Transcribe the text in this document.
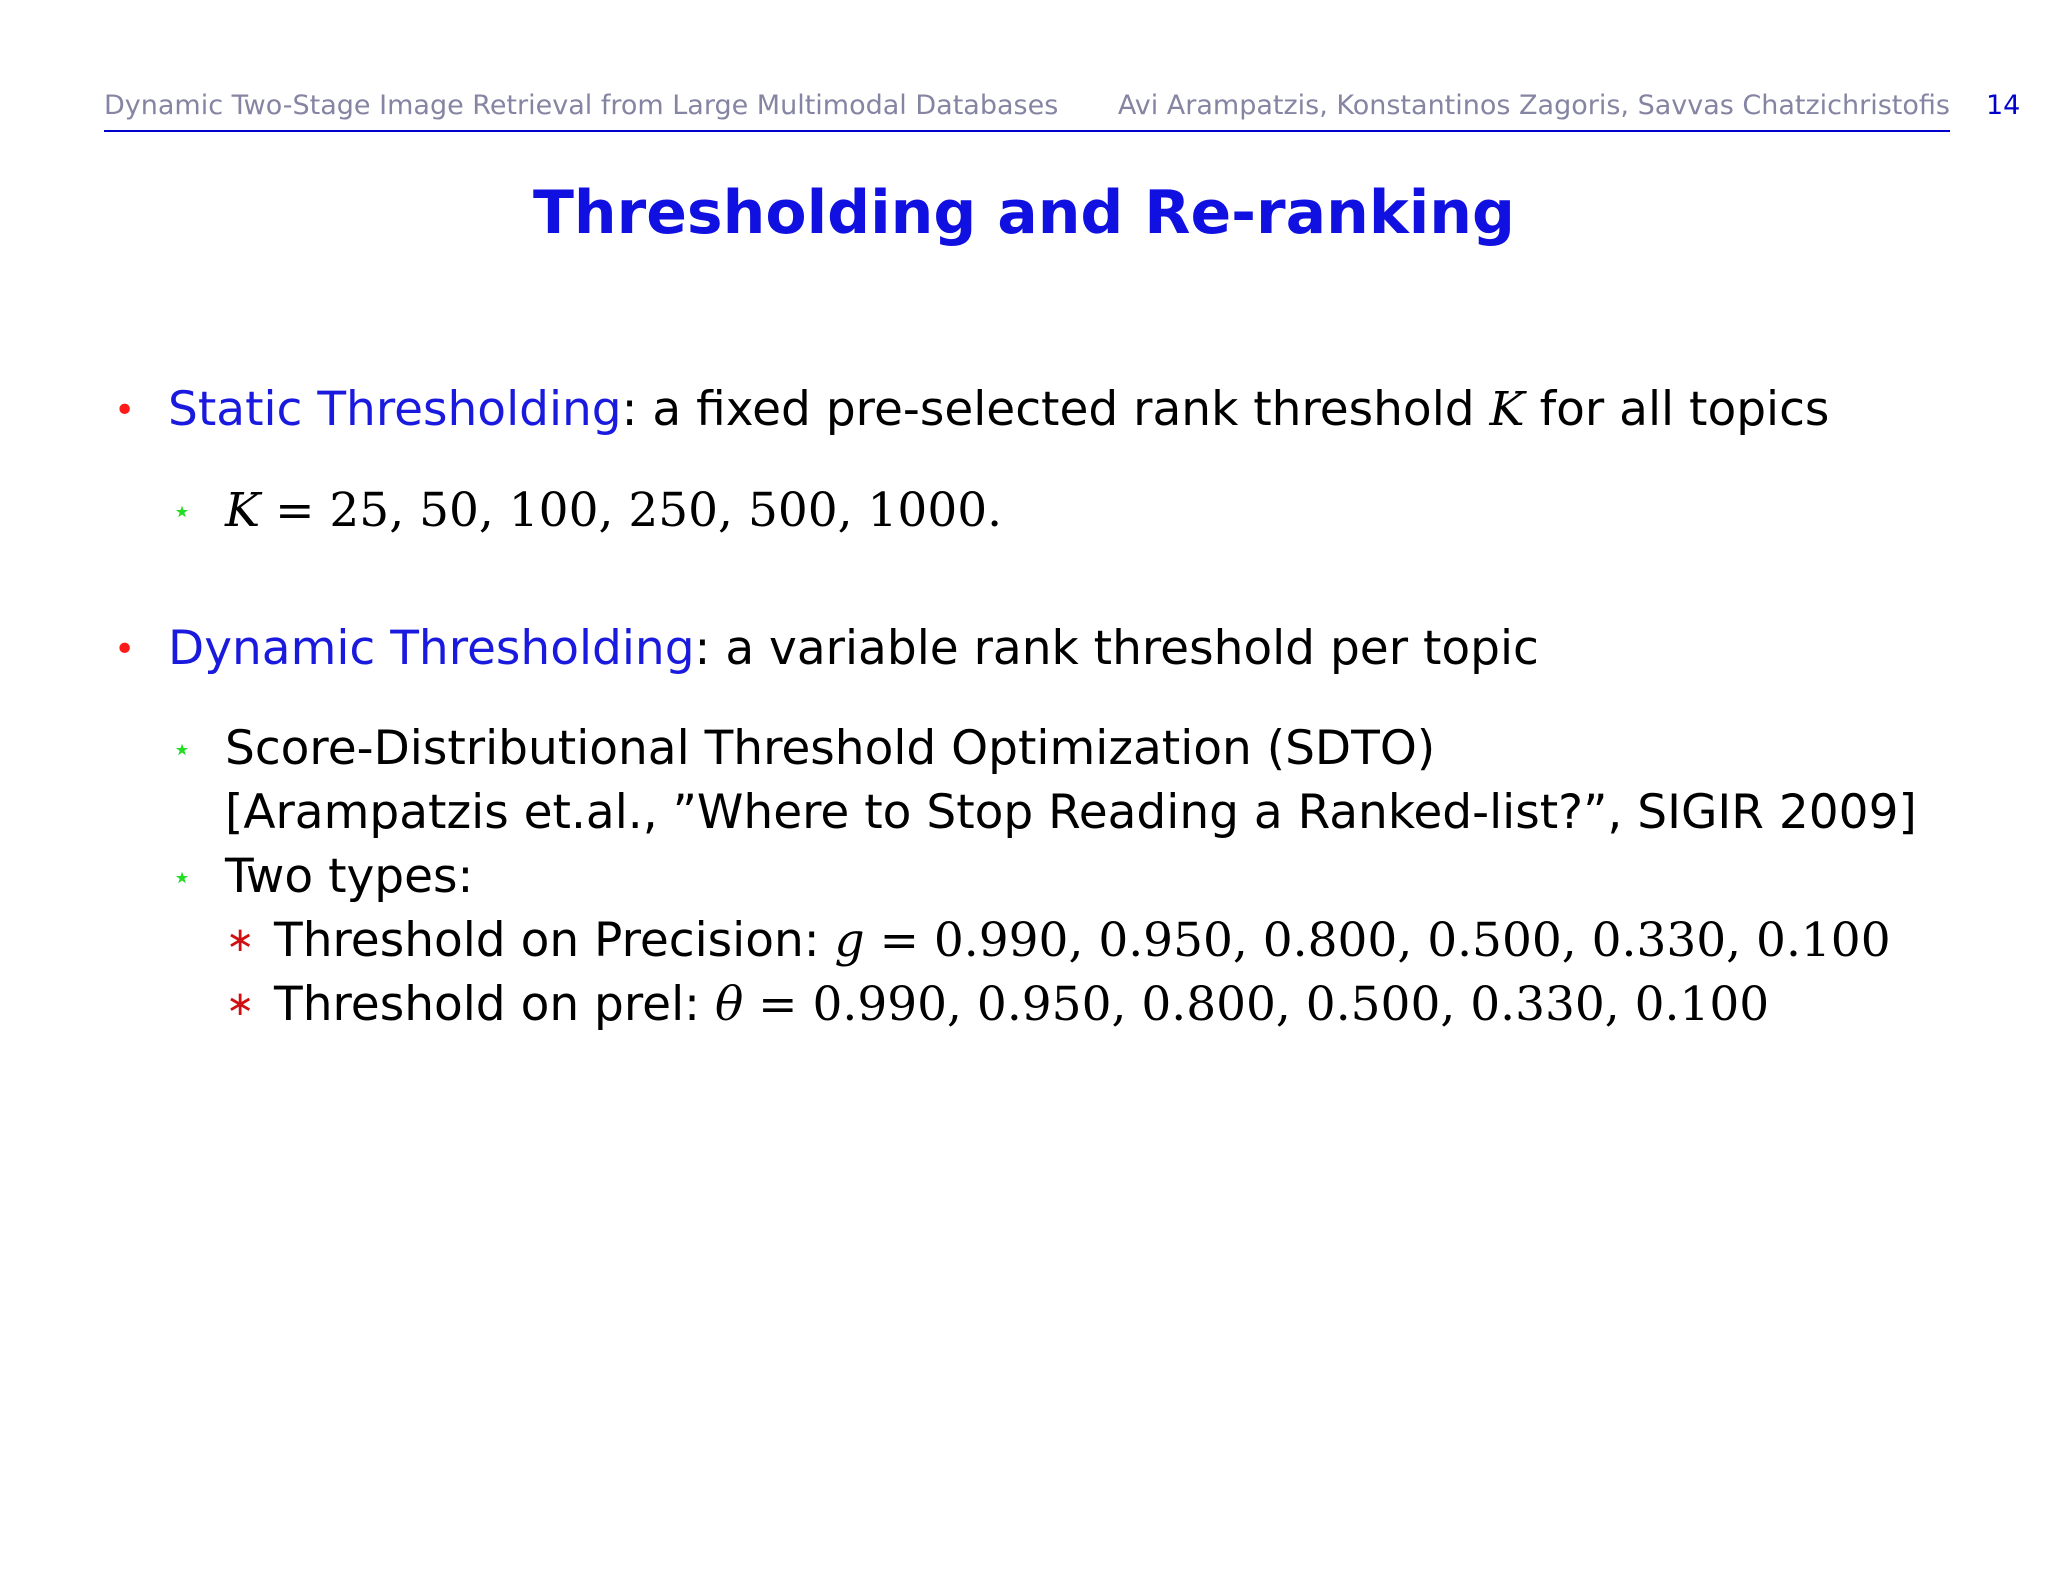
Dynamic Two-Stage Image Retrieval from Large Multimodal Databases Avi Arampatzis, Konstantinos Zagoris, Savvas Chatzichristofis 14
Thresholding and Re-ranking
• Static Thresholding: a fixed pre-selected rank threshold K for all topics
⋆ K = 25, 50, 100, 250, 500, 1000.
• Dynamic Thresholding: a variable rank threshold per topic
⋆ Score-Distributional Threshold Optimization (SDTO)
[Arampatzis et.al., ”Where to Stop Reading a Ranked-list?”, SIGIR 2009]
⋆ Two types:
∗ Threshold on Precision: g = 0.990, 0.950, 0.800, 0.500, 0.330, 0.100
∗ Threshold on prel: θ = 0.990, 0.950, 0.800, 0.500, 0.330, 0.100
